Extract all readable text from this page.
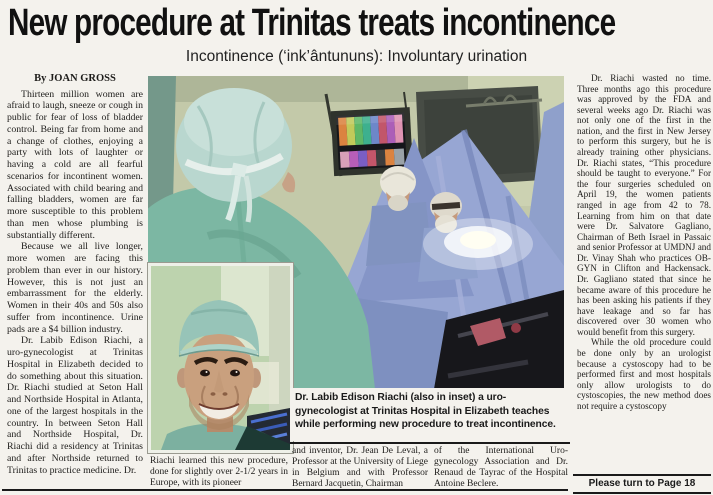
New procedure at Trinitas treats incontinence
Incontinence (‘ink’ântununs): Involuntary urination
By JOAN GROSS

Thirteen million women are afraid to laugh, sneeze or cough in public for fear of loss of bladder control. Being far from home and a change of clothes, enjoying a party with lots of laughter or having a cold are all fearful scenarios for incontinent women. Associated with child bearing and falling bladders, women are far more susceptible to this problem than men whose plumbing is substantially different.

Because we all live longer, more women are facing this problem than ever in our history. However, this is not just an embarrassment for the elderly. Women in their 40s and 50s also suffer from incontinence. Urine pads are a $4 billion industry.

Dr. Labib Edison Riachi, a uro-gynecologist at Trinitas Hospital in Elizabeth decided to do something about this situation. Dr. Riachi studied at Seton Hall and Northside Hospital in Atlanta, one of the largest hospitals in the country. In between Seton Hall and Northside Hospital, Dr. Riachi did a residency at Trinitas and after Northside returned to Trinitas to practice medicine. Dr.

Dr. Labib Edison Riachi (also in inset) a uro-gynecologist at Trinitas Hospital in Elizabeth teaches while performing new procedure to treat incontinence.

Riachi learned this new procedure, done for slightly over 2-1/2 years in Europe, with its pioneer

and inventor, Dr. Jean De Leval, a Professor at the University of Liege in Belgium and with Professor Bernard Jacquetin, Chairman

of the International Uro-gynecology Association and Dr. Renaud de Tayrac of the Hospital Antoine Beclere.

Dr. Riachi wasted no time. Three months ago this procedure was approved by the FDA and several weeks ago Dr. Riachi was not only one of the first in the nation, and the first in New Jersey to perform this surgery, but he is already training other physicians. Dr. Riachi states, “This procedure should be taught to everyone.” For the four surgeries scheduled on April 19, the women patients ranged in age from 42 to 78. Learning from him on that date were Dr. Salvatore Gagliano, Chairman of Beth Israel in Passaic and senior Professor at UMDNJ and Dr. Vinay Shah who practices OB-GYN in Clifton and Hackensack. Dr. Gagliano stated that since he became aware of this procedure he has been asking his patients if they have leakage and so far has discovered over 30 women who would benefit from this surgery.

While the old procedure could be done only by an urologist because a cystoscopy had to be performed first and most hospitals only allow urologists to do cystoscopies, the new method does not require a cystoscopy

Please turn to Page 18
